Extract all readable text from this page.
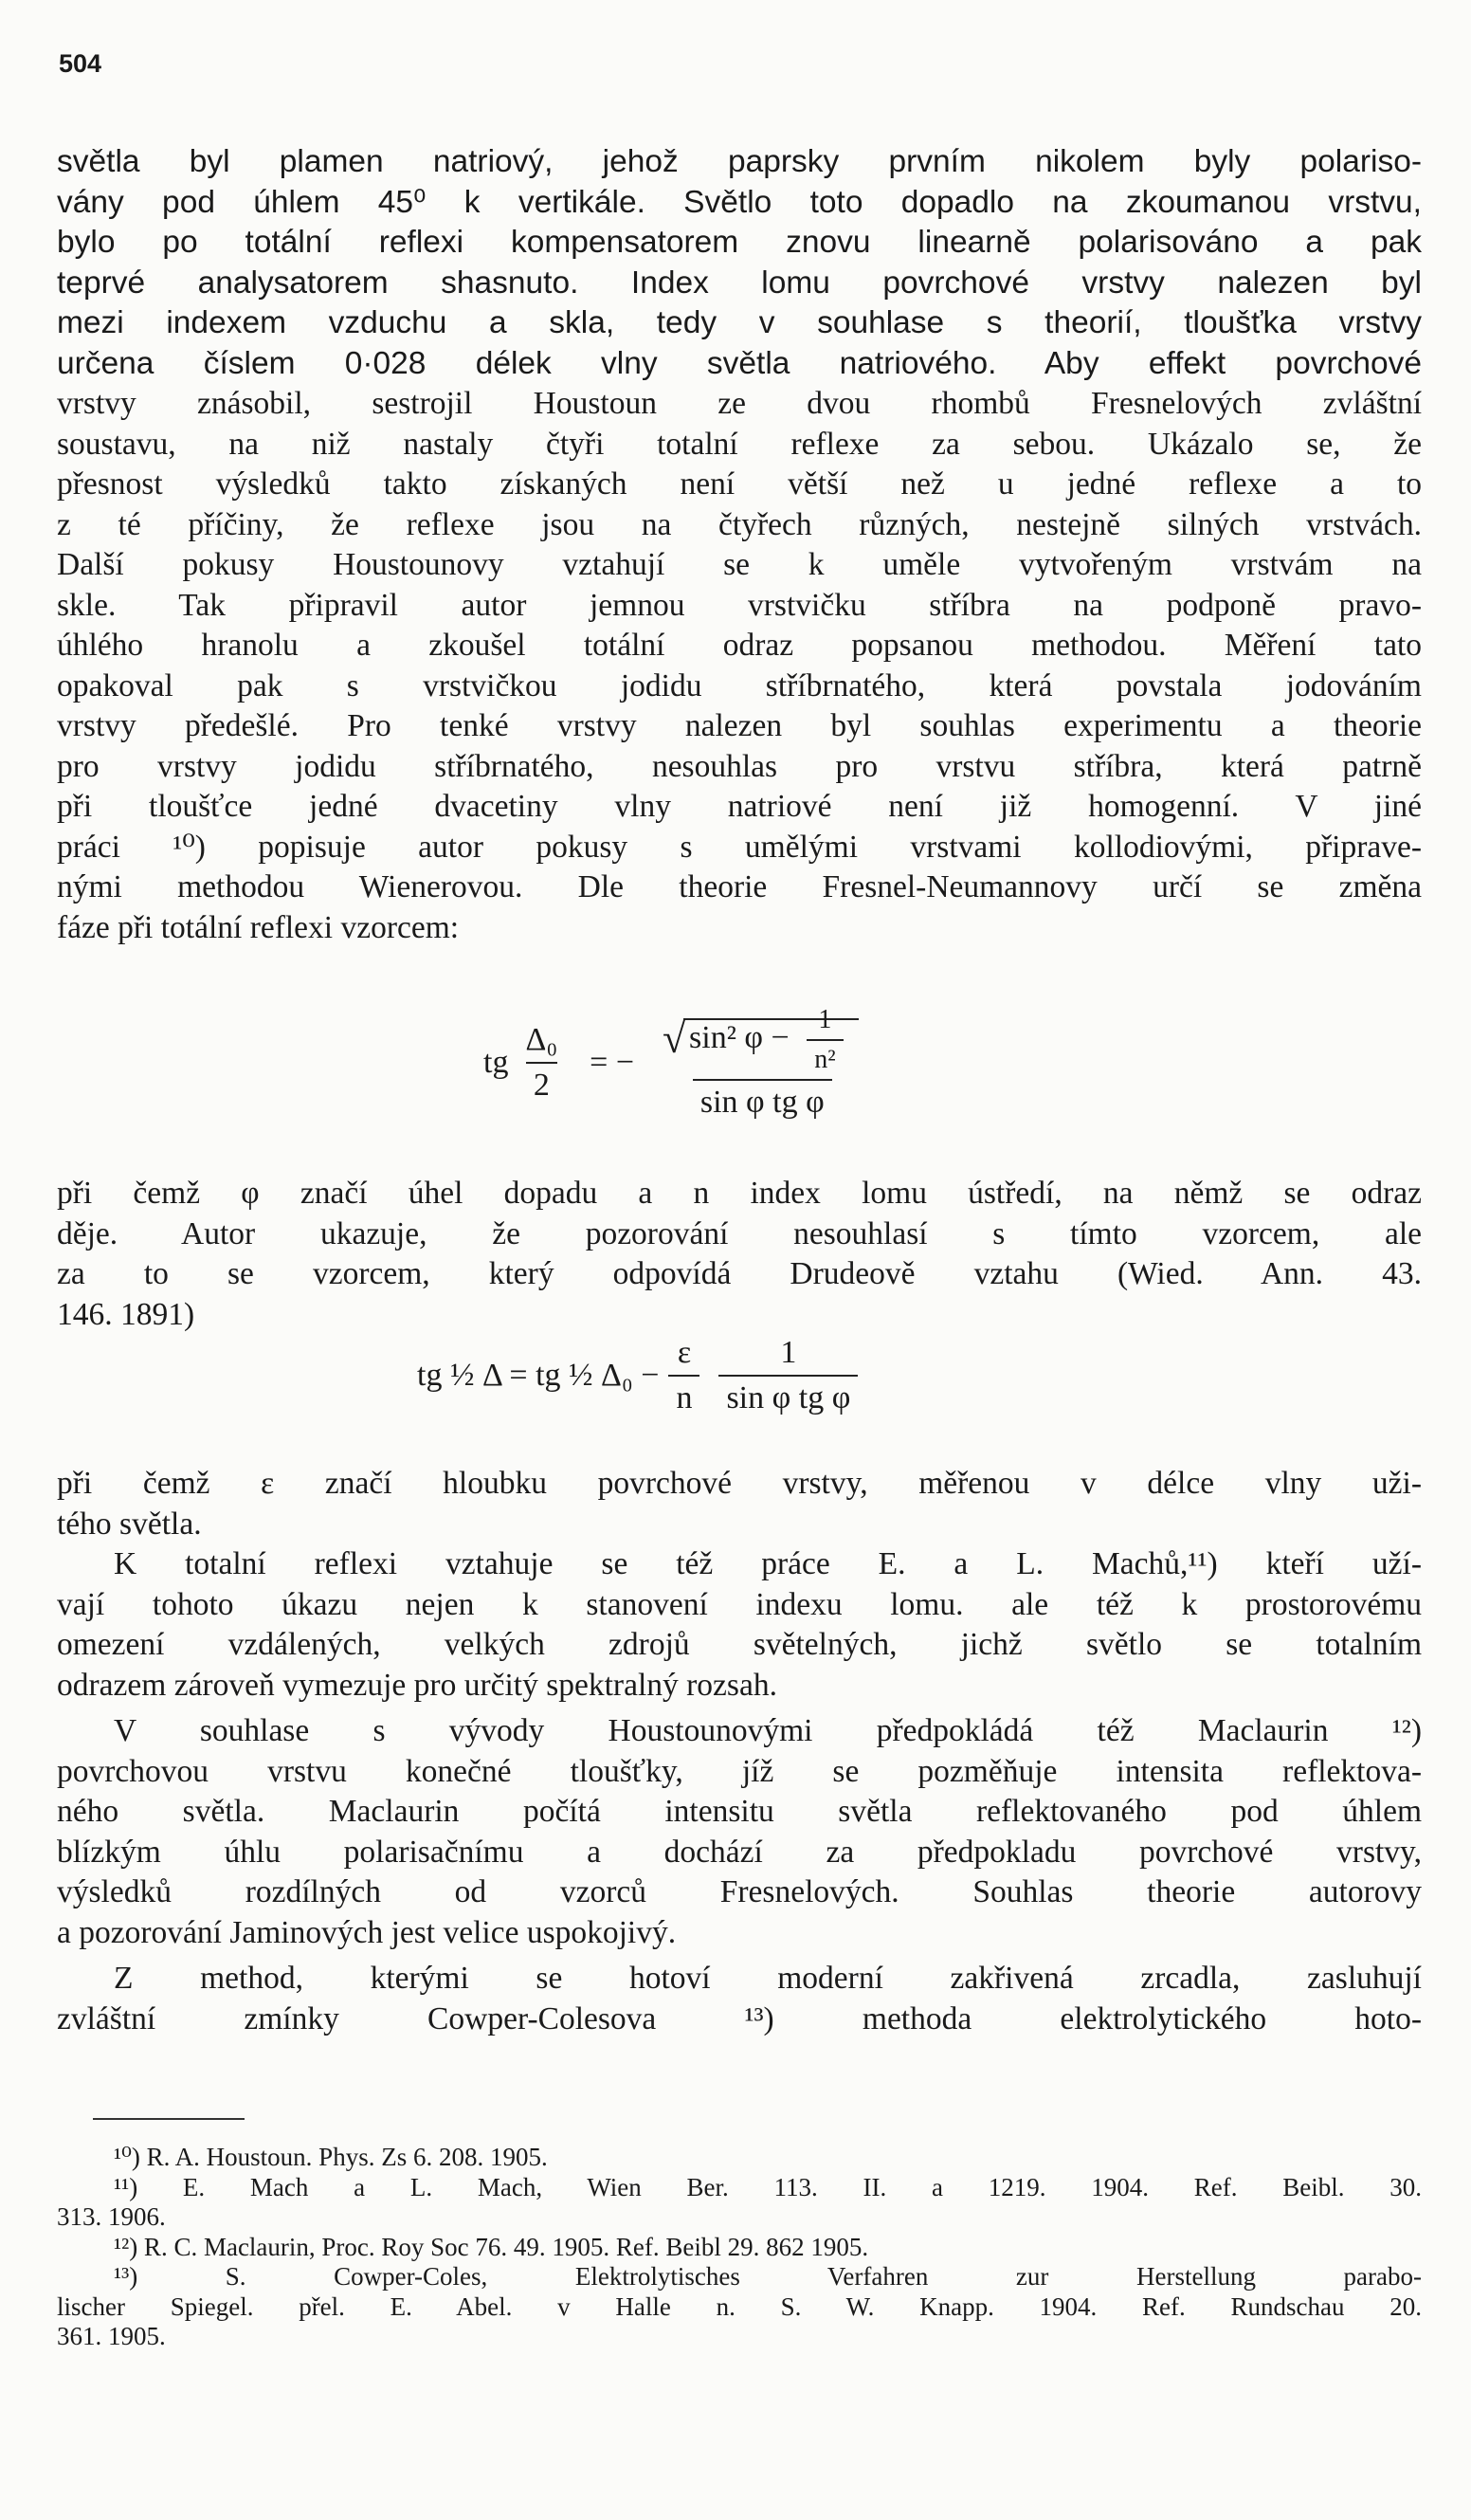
504
světla byl plamen natriový, jehož paprsky prvním nikolem byly polariso-
vány pod úhlem 45⁰ k vertikále. Světlo toto dopadlo na zkoumanou vrstvu,
bylo po totální reflexi kompensatorem znovu linearně polarisováno a pak
teprvé analysatorem shasnuto. Index lomu povrchové vrstvy nalezen byl
mezi indexem vzduchu a skla, tedy v souhlase s theorií, tloušťka vrstvy
určena číslem 0·028 délek vlny světla natriového. Aby effekt povrchové
vrstvy znásobil, sestrojil Houstoun ze dvou rhombů Fresnelových zvláštní
soustavu, na niž nastaly čtyři totalní reflexe za sebou. Ukázalo se, že
přesnost výsledků takto získaných není větší než u jedné reflexe a to
z té příčiny, že reflexe jsou na čtyřech různých, nestejně silných vrstvách.
Další pokusy Houstounovy vztahují se k uměle vytvořeným vrstvám na
skle. Tak připravil autor jemnou vrstvičku stříbra na podponě pravo-
úhlého hranolu a zkoušel totální odraz popsanou methodou. Měření tato
opakoval pak s vrstvičkou jodidu stříbrnatého, která povstala jodováním
vrstvy předešlé. Pro tenké vrstvy nalezen byl souhlas experimentu a theorie
pro vrstvy jodidu stříbrnatého, nesouhlas pro vrstvu stříbra, která patrně
při tloušťce jedné dvacetiny vlny natriové není již homogenní. V jiné
práci ¹⁰) popisuje autor pokusy s umělými vrstvami kollodiovými, připrave-
nými methodou Wienerovou. Dle theorie Fresnel-Neumannovy určí se změna
fáze při totální reflexi vzorcem:
tg $\frac{\text{Δ₀}}{2}$ = −
√ $\frac{\sin^2 \varphi - \frac{1}{\text{n²}}}{\text{sin φ tg φ}}$
při čemž φ značí úhel dopadu a n index lomu ústředí, na němž se odraz
děje. Autor ukazuje, že pozorování nesouhlasí s tímto vzorcem, ale
za to se vzorcem, který odpovídá Drudeově vztahu (Wied. Ann. 43.
146. 1891)
tg ½ Δ = tg ½ $\Delta_0 - \frac{\varepsilon}{n} \frac{1}{\text{sin φ tg φ}}$
při čemž ε značí hloubku povrchové vrstvy, měřenou v délce vlny uži-
tého světla.
K totalní reflexi vztahuje se též práce E. a L. Machů,¹¹) kteří uží-
vají tohoto úkazu nejen k stanovení indexu lomu. ale též k prostorovému
omezení vzdálených, velkých zdrojů světelných, jichž světlo se totalním
odrazem zároveň vymezuje pro určitý spektralný rozsah.
V souhlase s vývody Houstounovými předpokládá též Maclaurin ¹²)
povrchovou vrstvu konečné tloušťky, jíž se pozměňuje intensita reflektova-
ného světla. Maclaurin počítá intensitu světla reflektovaného pod úhlem
blízkým úhlu polarisačnímu a dochází za předpokladu povrchové vrstvy,
výsledků rozdílných od vzorců Fresnelových. Souhlas theorie autorovy
a pozorování Jaminových jest velice uspokojivý.
Z method, kterými se hotoví moderní zakřivená zrcadla, zasluhují
zvláštní zmínky Cowper-Colesova ¹³) methoda elektrolytického hoto-
¹⁰) R. A. Houstoun. Phys. Zs 6. 208. 1905.
¹¹) E. Mach a L. Mach, Wien Ber. 113. II. a 1219. 1904. Ref. Beibl. 30.
313. 1906.
¹²) R. C. Maclaurin, Proc. Roy Soc 76. 49. 1905. Ref. Beibl 29. 862 1905.
¹³) S. Cowper-Coles, Elektrolytisches Verfahren zur Herstellung parabo-
lischer Spiegel. přel. E. Abel. v Halle n. S. W. Knapp. 1904. Ref. Rundschau 20.
361. 1905.
